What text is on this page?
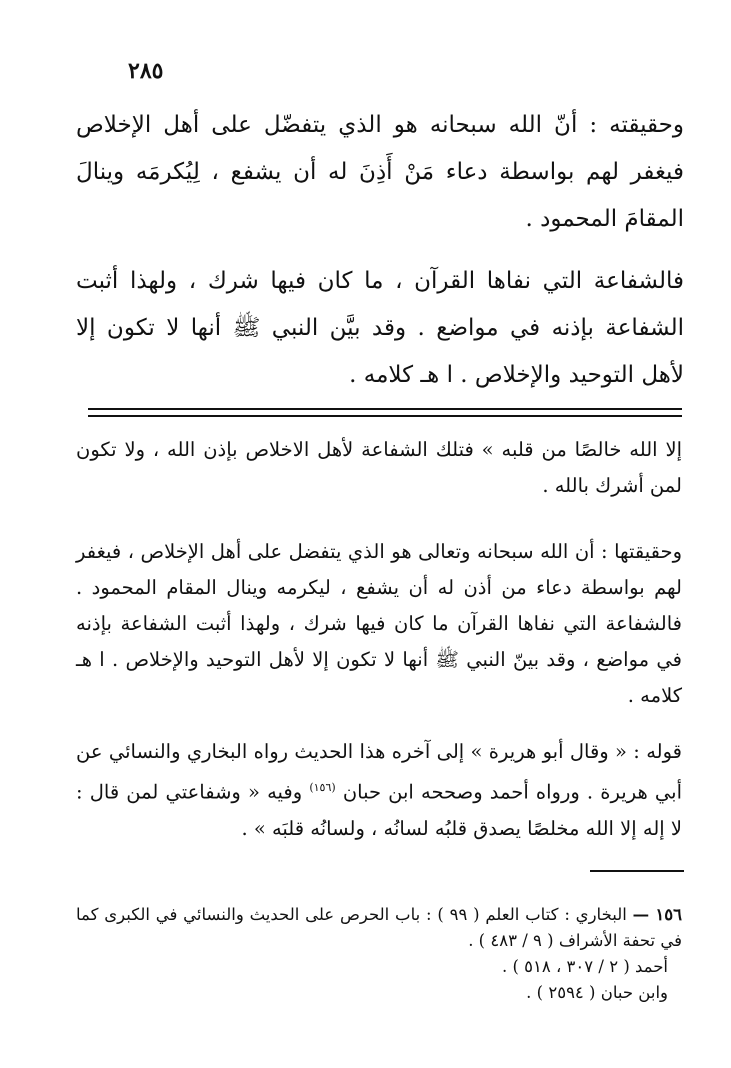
٢٨٥

وحقيقته : أنّ الله سبحانه هو الذي يتفضّل على أهل الإخلاص فيغفر لهم بواسطة دعاء مَنْ أَذِنَ له أن يشفع ، لِيُكرمَه وينالَ المقامَ المحمود .

فالشفاعة التي نفاها القرآن ، ما كان فيها شرك ، ولهذا أثبت الشفاعة بإذنه في مواضع . وقد بيَّن النبي ﷺ أنها لا تكون إلا لأهل التوحيد والإخلاص . ا هـ كلامه .

إلا الله خالصًا من قلبه » فتلك الشفاعة لأهل الاخلاص بإذن الله ، ولا تكون لمن أشرك بالله .

وحقيقتها : أن الله سبحانه وتعالى هو الذي يتفضل على أهل الإخلاص ، فيغفر لهم بواسطة دعاء من أذن له أن يشفع ، ليكرمه وينال المقام المحمود . فالشفاعة التي نفاها القرآن ما كان فيها شرك ، ولهذا أثبت الشفاعة بإذنه في مواضع ، وقد بينّ النبي ﷺ أنها لا تكون إلا لأهل التوحيد والإخلاص . ا هـ كلامه .

قوله : « وقال أبو هريرة » إلى آخره هذا الحديث رواه البخاري والنسائي عن أبي هريرة . ورواه أحمد وصححه ابن حبان $^{(١٥٦)}$ وفيه « وشفاعتي لمن قال : لا إله إلا الله مخلصًا يصدق قلبُه لسانُه ، ولسانُه قلبَه » .

١٥٦ — البخاري : كتاب العلم ( ٩٩ ) : باب الحرص على الحديث والنسائي في الكبرى كما في تحفة الأشراف ( ٩ / ٤٨٣ ) .
أحمد ( ٢ / ٣٠٧ ، ٥١٨ ) .
وابن حبان ( ٢٥٩٤ ) .
